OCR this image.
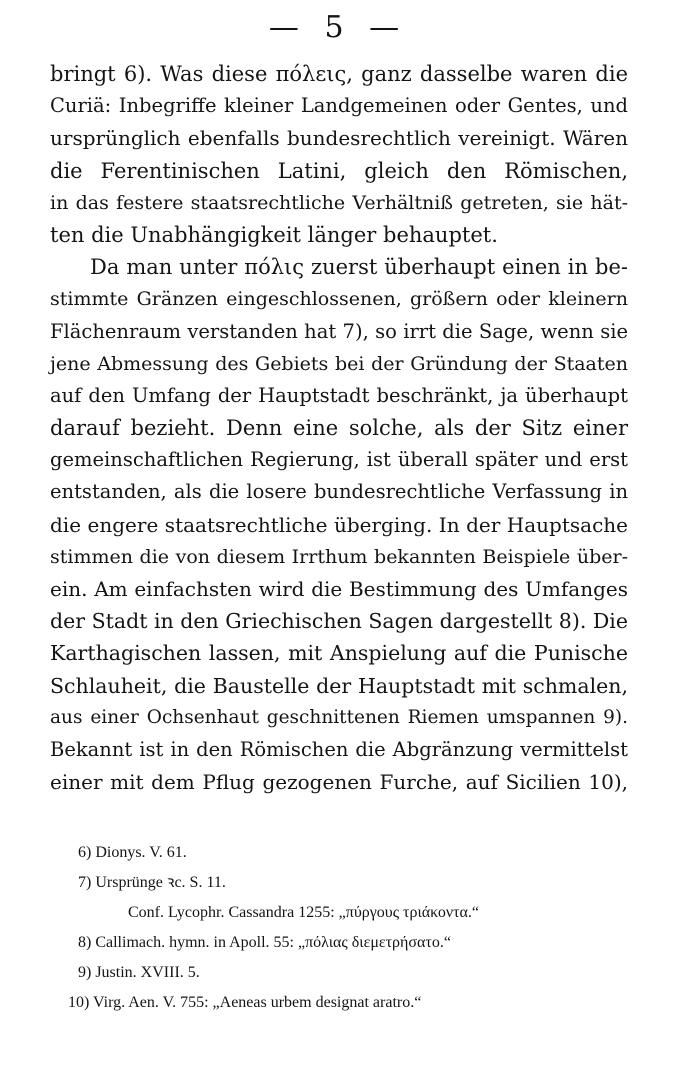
— 5 —
bringt 6). Was diese πόλεις, ganz dasselbe waren die
Curiä: Inbegriffe kleiner Landgemeinen oder Gentes, und
ursprünglich ebenfalls bundesrechtlich vereinigt. Wären
die Ferentinischen Latini, gleich den Römischen,
in das festere staatsrechtliche Verhältniß getreten, sie hät-
ten die Unabhängigkeit länger behauptet.
Da man unter πόλις zuerst überhaupt einen in be-
stimmte Gränzen eingeschlossenen, größern oder kleinern
Flächenraum verstanden hat 7), so irrt die Sage, wenn sie
jene Abmessung des Gebiets bei der Gründung der Staaten
auf den Umfang der Hauptstadt beschränkt, ja überhaupt
darauf bezieht. Denn eine solche, als der Sitz einer
gemeinschaftlichen Regierung, ist überall später und erst
entstanden, als die losere bundesrechtliche Verfassung in
die engere staatsrechtliche überging. In der Hauptsache
stimmen die von diesem Irrthum bekannten Beispiele über-
ein. Am einfachsten wird die Bestimmung des Umfanges
der Stadt in den Griechischen Sagen dargestellt 8). Die
Karthagischen lassen, mit Anspielung auf die Punische
Schlauheit, die Baustelle der Hauptstadt mit schmalen,
aus einer Ochsenhaut geschnittenen Riemen umspannen 9).
Bekannt ist in den Römischen die Abgränzung vermittelst
einer mit dem Pflug gezogenen Furche, auf Sicilien 10),
6) Dionys. V. 61.
7) Ursprünge ꝛc. S. 11.
Conf. Lycophr. Cassandra 1255: „πύργους τριάκοντα.“
8) Callimach. hymn. in Apoll. 55: „πόλιας διεμετρήσατο.“
9) Justin. XVIII. 5.
10) Virg. Aen. V. 755: „Aeneas urbem designat aratro.“
